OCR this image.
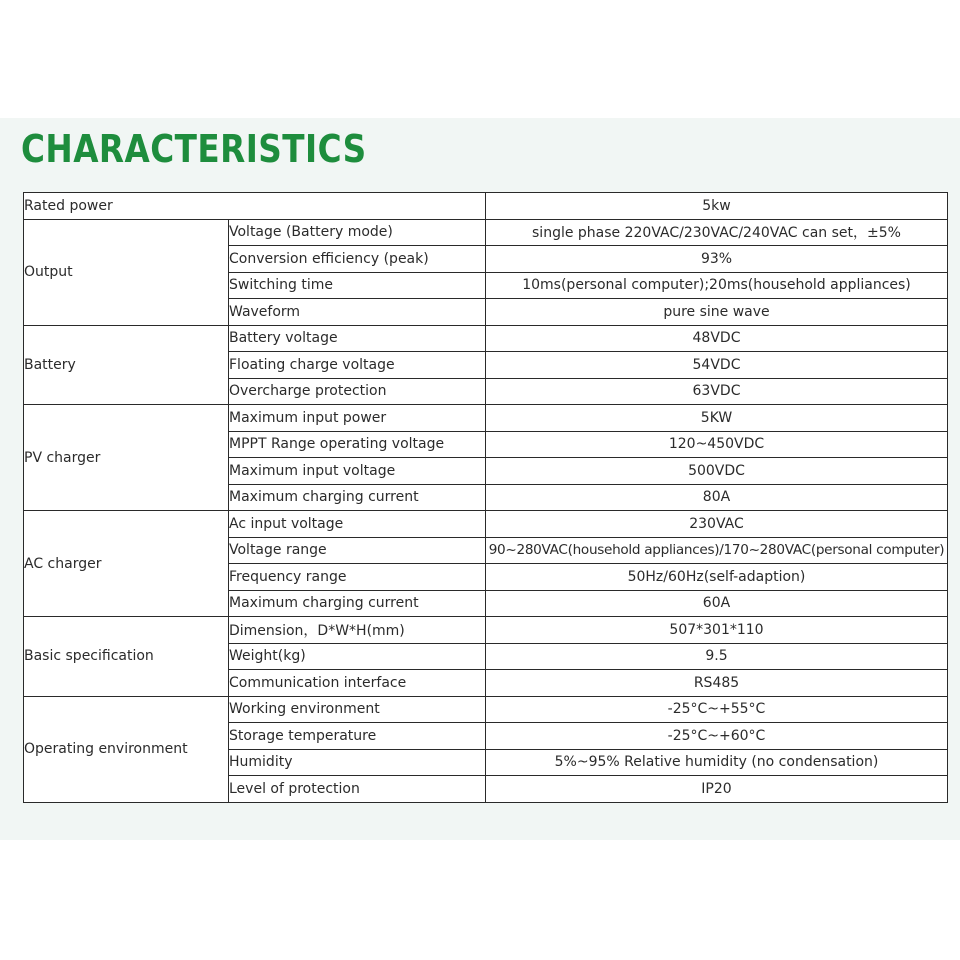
CHARACTERISTICS
Rated power		5kw
Output	Voltage (Battery mode)	single phase 220VAC/230VAC/240VAC can set，±5%
	Conversion efficiency (peak)	93%
	Switching time	10ms(personal computer);20ms(household appliances)
	Waveform	pure sine wave
Battery	Battery voltage	48VDC
	Floating charge voltage	54VDC
	Overcharge protection	63VDC
PV charger	Maximum input power	5KW
	MPPT Range operating voltage	120~450VDC
	Maximum input voltage	500VDC
	Maximum charging current	80A
AC charger	Ac input voltage	230VAC
	Voltage range	90~280VAC(household appliances)/170~280VAC(personal computer)
	Frequency range	50Hz/60Hz(self-adaption)
	Maximum charging current	60A
Basic specification	Dimension，D*W*H(mm)	507*301*110
	Weight(kg)	9.5
	Communication interface	RS485
Operating environment	Working environment	-25°C~+55°C
	Storage temperature	-25°C~+60°C
	Humidity	5%~95% Relative humidity (no condensation)
	Level of protection	IP20
